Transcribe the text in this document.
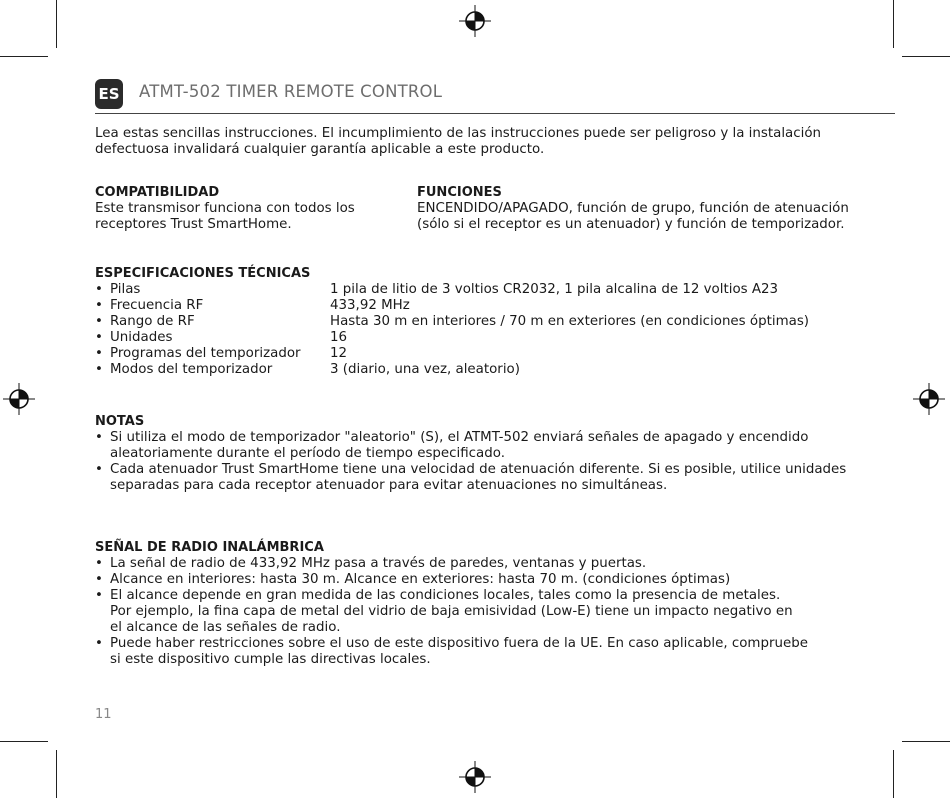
ES ATMT-502 TIMER REMOTE CONTROL
Lea estas sencillas instrucciones. El incumplimiento de las instrucciones puede ser peligroso y la instalación
defectuosa invalidará cualquier garantía aplicable a este producto.
COMPATIBILIDAD
Este transmisor funciona con todos los
receptores Trust SmartHome.
FUNCIONES
ENCENDIDO/APAGADO, función de grupo, función de atenuación
(sólo si el receptor es un atenuador) y función de temporizador.
ESPECIFICACIONES TÉCNICAS
• Pilas	1 pila de litio de 3 voltios CR2032, 1 pila alcalina de 12 voltios A23
• Frecuencia RF	433,92 MHz
• Rango de RF	Hasta 30 m en interiores / 70 m en exteriores (en condiciones óptimas)
• Unidades	16
• Programas del temporizador 12
• Modos del temporizador	3 (diario, una vez, aleatorio)
NOTAS
• Si utiliza el modo de temporizador "aleatorio" (S), el ATMT-502 enviará señales de apagado y encendido
aleatoriamente durante el período de tiempo especificado.
• Cada atenuador Trust SmartHome tiene una velocidad de atenuación diferente. Si es posible, utilice unidades
separadas para cada receptor atenuador para evitar atenuaciones no simultáneas.
SEÑAL DE RADIO INALÁMBRICA
• La señal de radio de 433,92 MHz pasa a través de paredes, ventanas y puertas.
• Alcance en interiores: hasta 30 m. Alcance en exteriores: hasta 70 m. (condiciones óptimas)
• El alcance depende en gran medida de las condiciones locales, tales como la presencia de metales.
Por ejemplo, la fina capa de metal del vidrio de baja emisividad (Low-E) tiene un impacto negativo en
el alcance de las señales de radio.
• Puede haber restricciones sobre el uso de este dispositivo fuera de la UE. En caso aplicable, compruebe
si este dispositivo cumple las directivas locales.
11
